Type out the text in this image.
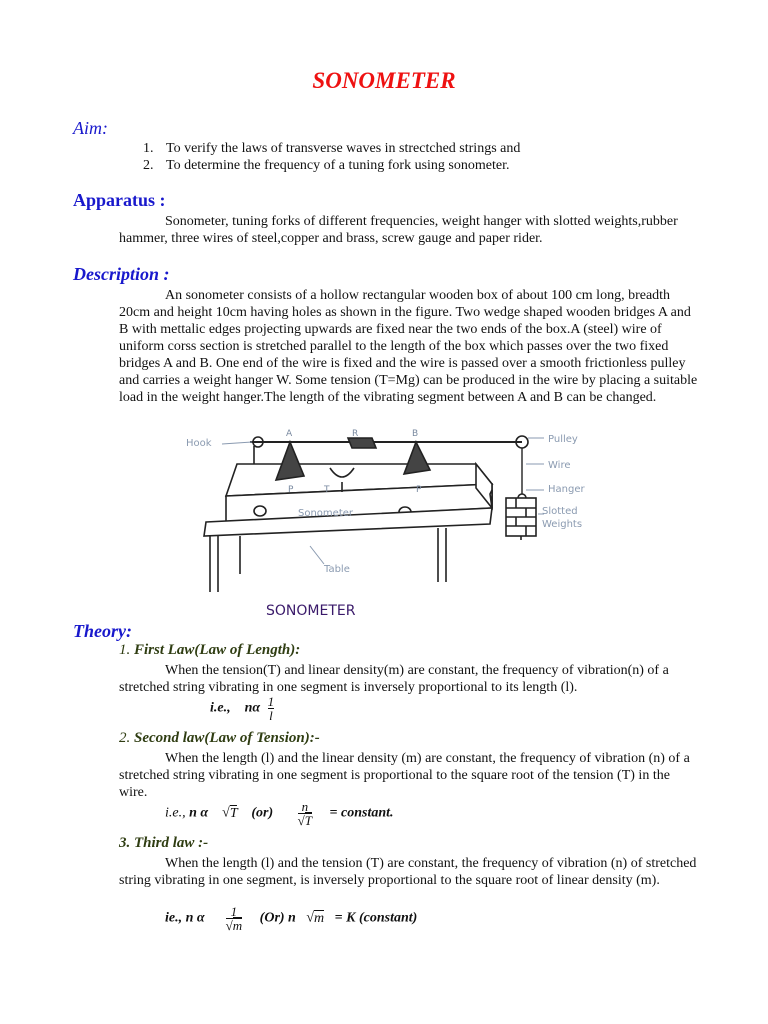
SONOMETER
Aim:
1. To verify the laws of transverse waves in strectched strings and
2. To determine the frequency of a tuning fork using sonometer.
Apparatus :

Sonometer, tuning forks of different frequencies, weight hanger with slotted weights,rubber hammer, three wires of steel,copper and brass, screw gauge and paper rider.

Description :

An sonometer consists of a hollow rectangular wooden box of about 100 cm long, breadth 20cm and height 10cm having holes as shown in the figure. Two wedge shaped wooden bridges A and B with mettalic edges projecting upwards are fixed near the two ends of the box.A (steel) wire of uniform corss section is stretched parallel to the length of the box which passes over the two fixed bridges A and B. One end of the wire is fixed and the wire is passed over a smooth frictionless pulley and carries a weight hanger W. Some tension (T=Mg) can be produced in the wire by placing a suitable load in the weight hanger.The length of the vibrating segment between A and B can be changed.

Hook
A	R	B	Pulley
Wire
Hanger
Slotted
Weights
P	T	P
Sonometer
Table
SONOMETER
Theory:
1. First Law(Law of Length):

When the tension(T) and linear density(m) are constant, the frequency of vibration(n) of a stretched string vibrating in one segment is inversely proportional to its length (l).

i.e., nα $\frac{1}{l}$
2. Second law(Law of Tension):-

When the length (l) and the linear density (m) are constant, the frequency of vibration (n) of a stretched string vibrating in one segment is proportional to the square root of the tension (T) in the wire.

i.e., n α √T $(or) \frac{n}{√T}$ = constant.
3. Third law :-

When the length (l) and the tension (T) are constant, the frequency of vibration (n) of stretched string vibrating in one segment, is inversely proportional to the square root of linear density (m).

ie., n α $\frac{1}{√m} (Or)$ n √m = K (constant)
